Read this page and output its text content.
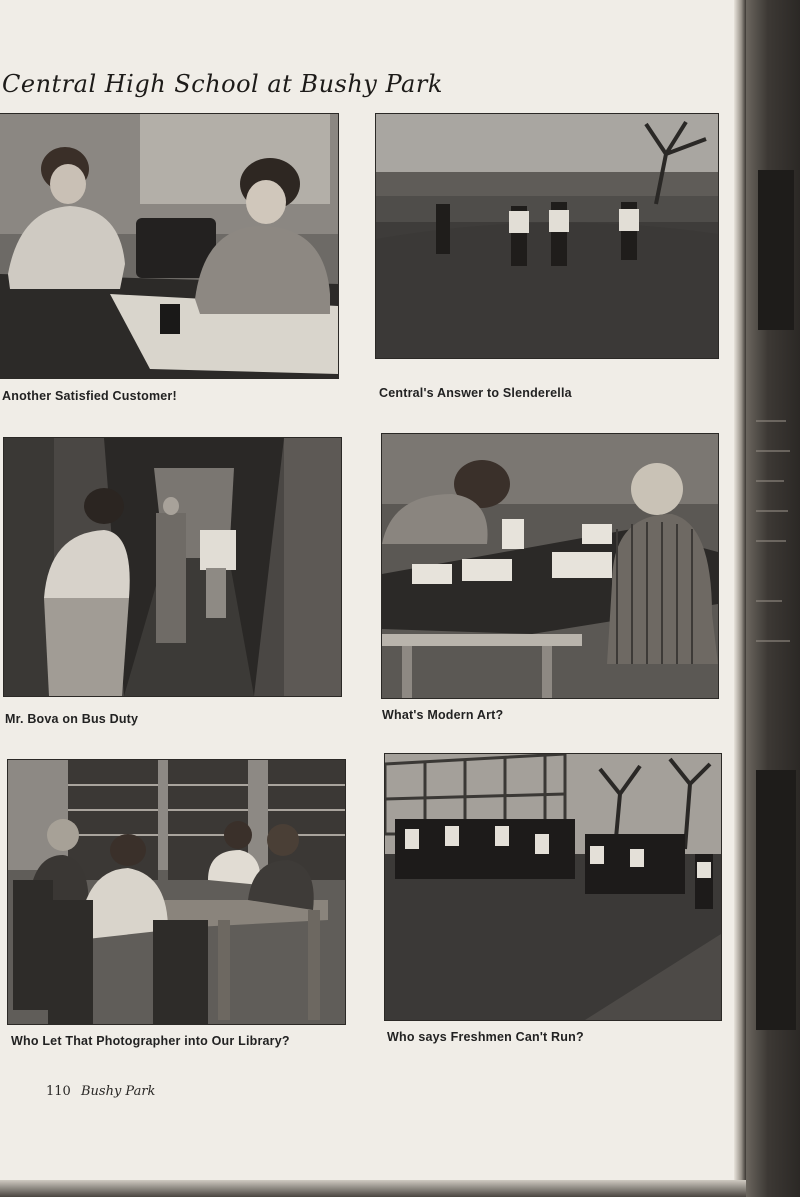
Central High School at Bushy Park

Another Satisfied Customer!	Central's Answer to Slenderella

Mr. Bova on Bus Duty	What's Modern Art?

Who Let That Photographer into Our Library?	Who says Freshmen Can't Run?

110 Bushy Park
